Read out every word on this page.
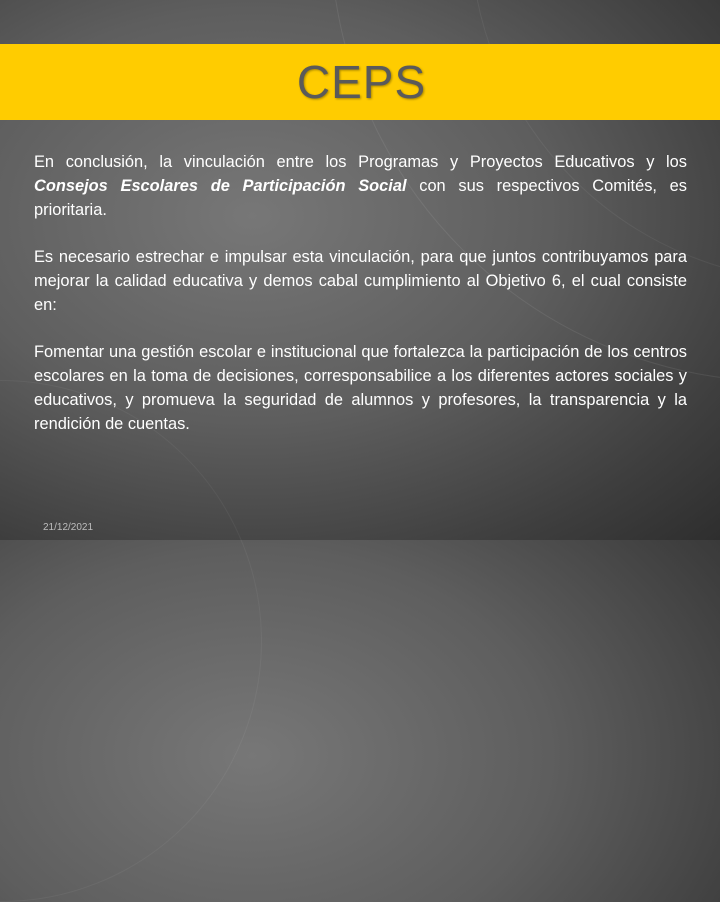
CEPS

En conclusión, la vinculación entre los Programas y Proyectos Educativos y los Consejos Escolares de Participación Social con sus respectivos Comités, es prioritaria.

Es necesario estrechar e impulsar esta vinculación, para que juntos contribuyamos para mejorar la calidad educativa y demos cabal cumplimiento al Objetivo 6, el cual consiste en:

Fomentar una gestión escolar e institucional que fortalezca la participación de los centros escolares en la toma de decisiones, corresponsabilice a los diferentes actores sociales y educativos, y promueva la seguridad de alumnos y profesores, la transparencia y la rendición de cuentas.

21/12/2021
